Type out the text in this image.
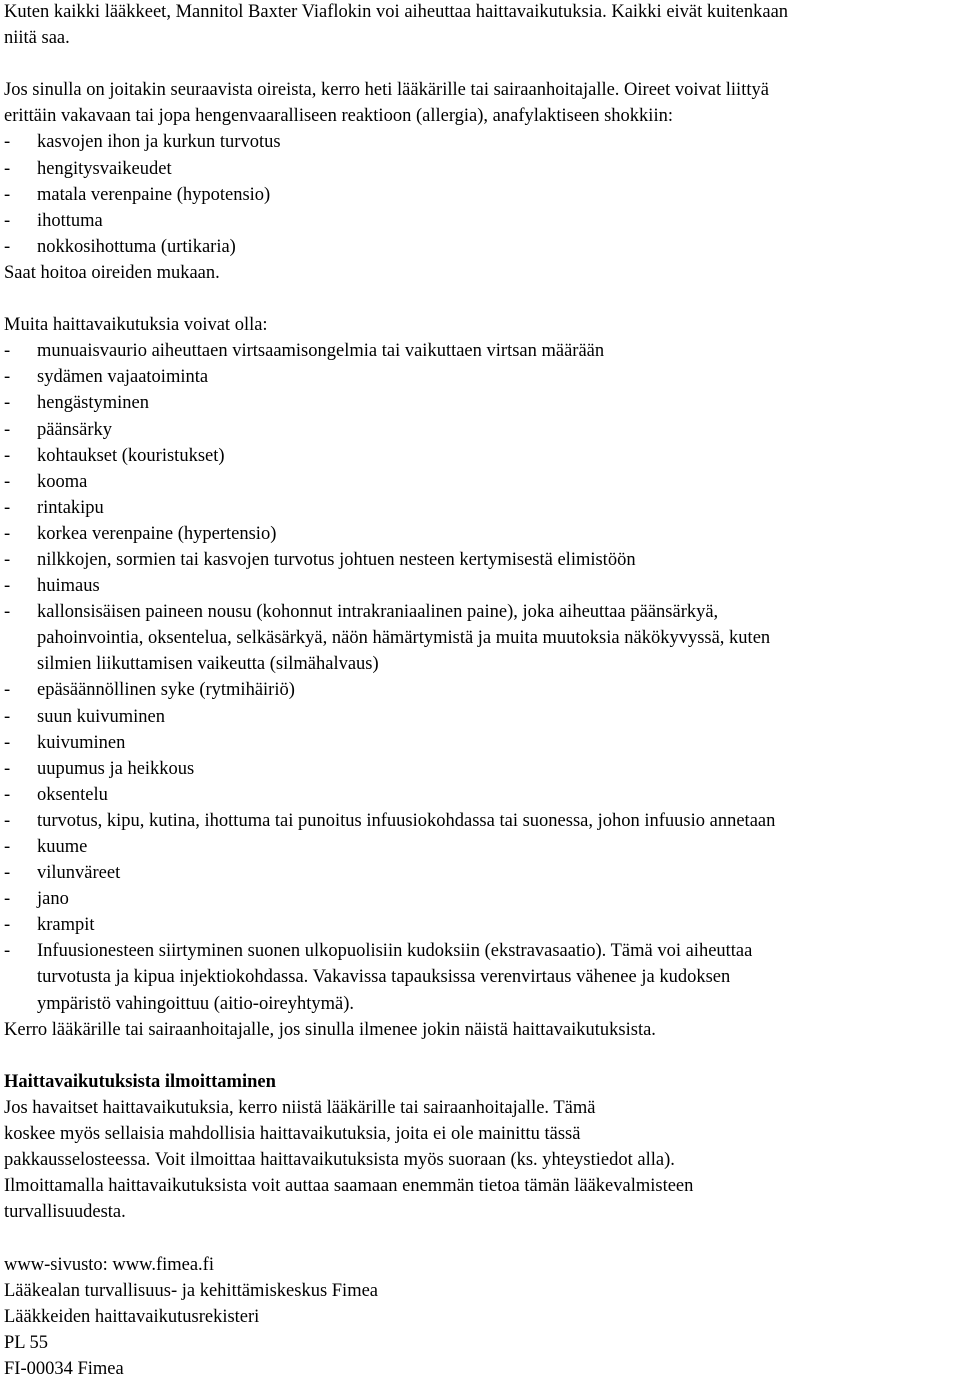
Kuten kaikki lääkkeet, Mannitol Baxter Viaflokin voi aiheuttaa haittavaikutuksia. Kaikki eivät kuitenkaan
niitä saa.
Jos sinulla on joitakin seuraavista oireista, kerro heti lääkärille tai sairaanhoitajalle. Oireet voivat liittyä
erittäin vakavaan tai jopa hengenvaaralliseen reaktioon (allergia), anafylaktiseen shokkiin:
-	kasvojen ihon ja kurkun turvotus
-	hengitysvaikeudet
-	matala verenpaine (hypotensio)
-	ihottuma
-	nokkosihottuma (urtikaria)
Saat hoitoa oireiden mukaan.
Muita haittavaikutuksia voivat olla:
-	munuaisvaurio aiheuttaen virtsaamisongelmia tai vaikuttaen virtsan määrään
-	sydämen vajaatoiminta
-	hengästyminen
-	päänsärky
-	kohtaukset (kouristukset)
-	kooma
-	rintakipu
-	korkea verenpaine (hypertensio)
-	nilkkojen, sormien tai kasvojen turvotus johtuen nesteen kertymisestä elimistöön
-	huimaus
-	kallonsisäisen paineen nousu (kohonnut intrakraniaalinen paine), joka aiheuttaa päänsärkyä,
pahoinvointia, oksentelua, selkäsärkyä, näön hämärtymistä ja muita muutoksia näkökyvyssä, kuten
silmien liikuttamisen vaikeutta (silmähalvaus)
-	epäsäännöllinen syke (rytmihäiriö)
-	suun kuivuminen
-	kuivuminen
-	uupumus ja heikkous
-	oksentelu
-	turvotus, kipu, kutina, ihottuma tai punoitus infuusiokohdassa tai suonessa, johon infuusio annetaan
-	kuume
-	vilunväreet
-	jano
-	krampit
-	Infuusionesteen siirtyminen suonen ulkopuolisiin kudoksiin (ekstravasaatio). Tämä voi aiheuttaa
turvotusta ja kipua injektiokohdassa. Vakavissa tapauksissa verenvirtaus vähenee ja kudoksen
ympäristö vahingoittuu (aitio-oireyhtymä).
Kerro lääkärille tai sairaanhoitajalle, jos sinulla ilmenee jokin näistä haittavaikutuksista.
Haittavaikutuksista ilmoittaminen
Jos havaitset haittavaikutuksia, kerro niistä lääkärille tai sairaanhoitajalle. Tämä
koskee myös sellaisia mahdollisia haittavaikutuksia, joita ei ole mainittu tässä
pakkausselosteessa. Voit ilmoittaa haittavaikutuksista myös suoraan (ks. yhteystiedot alla).
Ilmoittamalla haittavaikutuksista voit auttaa saamaan enemmän tietoa tämän lääkevalmisteen
turvallisuudesta.
www-sivusto: www.fimea.fi
Lääkealan turvallisuus- ja kehittämiskeskus Fimea
Lääkkeiden haittavaikutusrekisteri
PL 55
FI-00034 Fimea
